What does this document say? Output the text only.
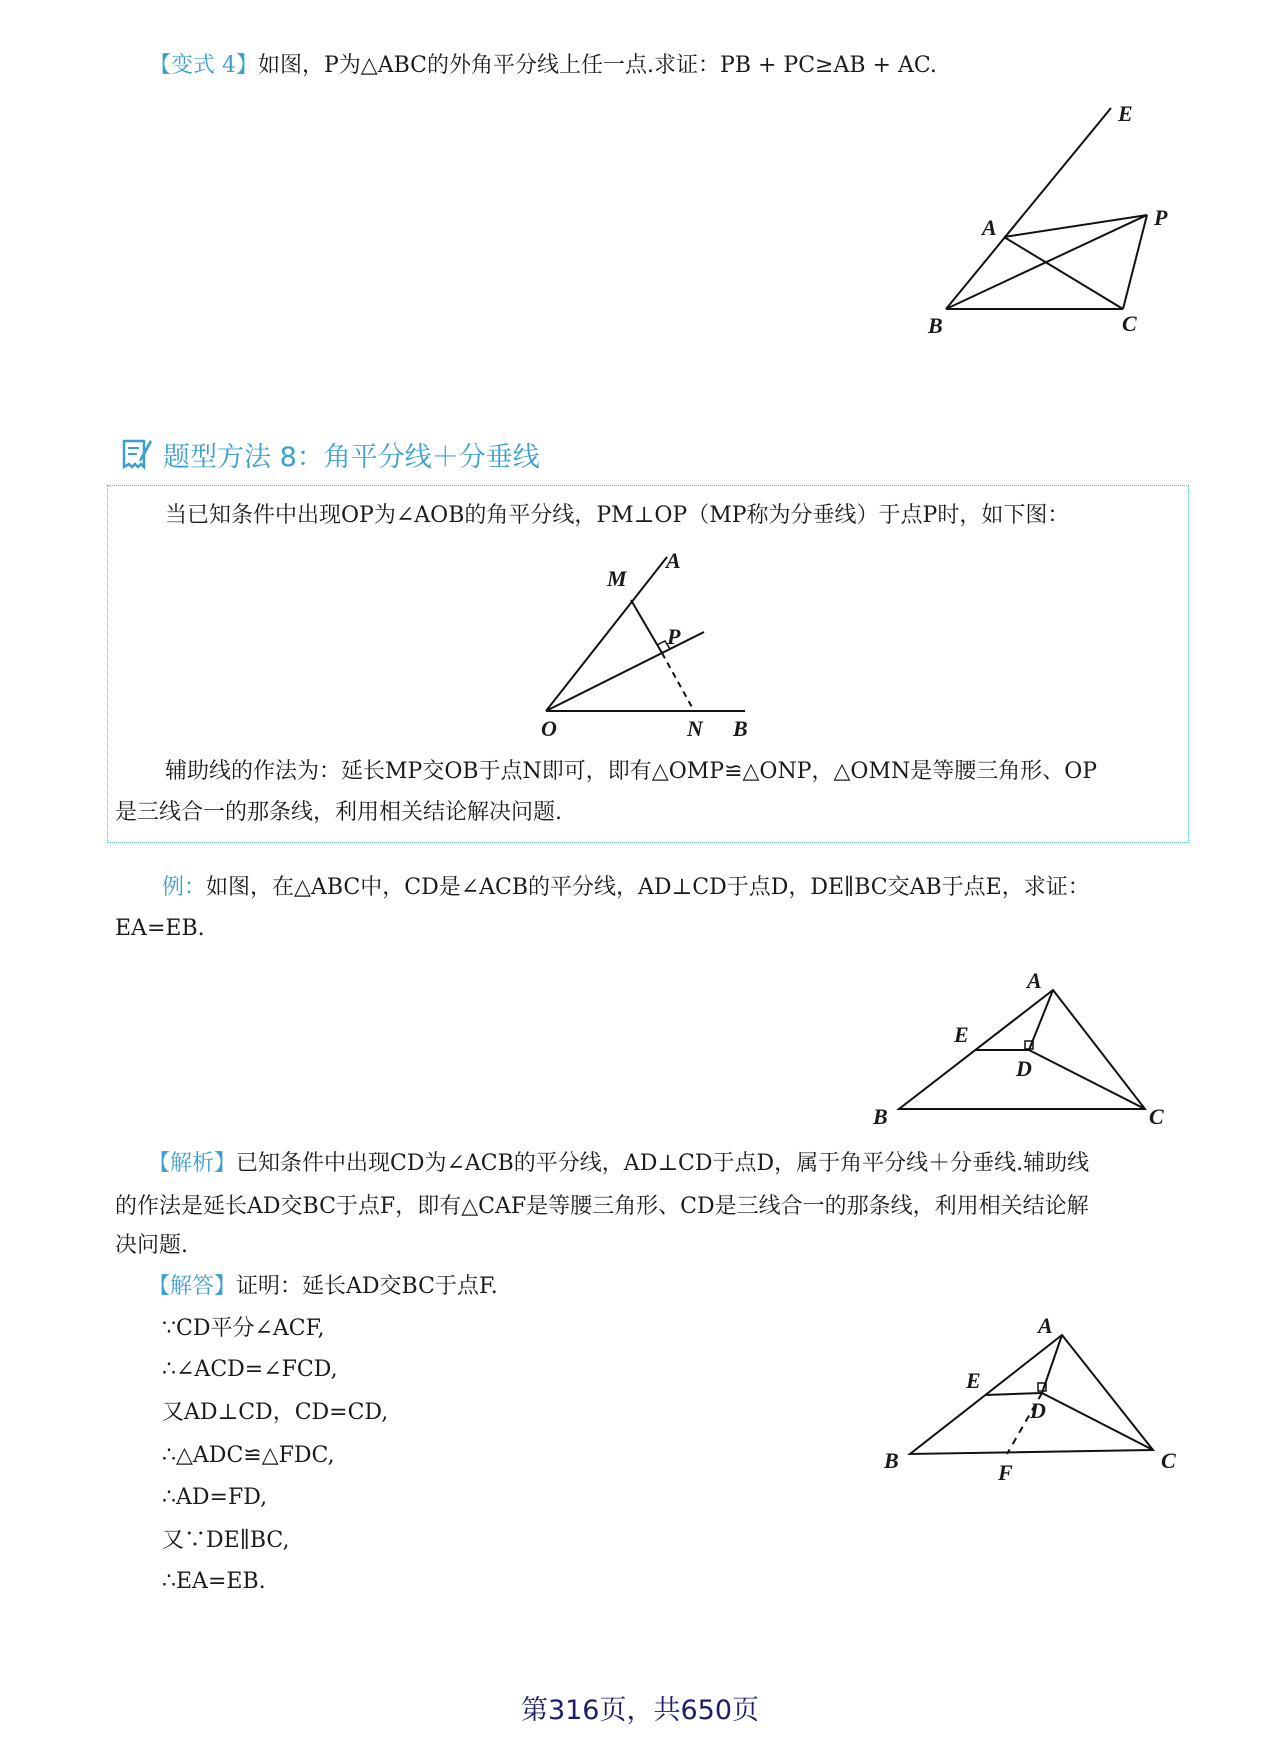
【变式 4】如图，P为△ABC的外角平分线上任一点.求证：PB + PC≥AB + AC.
E
A	P
B	C
题型方法 8：角平分线＋分垂线
当已知条件中出现OP为∠AOB的角平分线，PM⊥OP（MP称为分垂线）于点P时，如下图：
M
A
P
O	N B
辅助线的作法为：延长MP交OB于点N即可，即有△OMP≌△ONP，△OMN是等腰三角形、OP
是三线合一的那条线，利用相关结论解决问题.
例：如图，在△ABC中，CD是∠ACB的平分线，AD⊥CD于点D，DE∥BC交AB于点E，求证：
EA=EB.
A
E
D
B	C
【解析】已知条件中出现CD为∠ACB的平分线，AD⊥CD于点D，属于角平分线＋分垂线.辅助线
的作法是延长AD交BC于点F，即有△CAF是等腰三角形、CD是三线合一的那条线，利用相关结论解
决问题.
【解答】证明：延长AD交BC于点F.
∵CD平分∠ACF,
∴∠ACD=∠FCD,
又AD⊥CD，CD=CD,
∴△ADC≌△FDC,
∴AD=FD,
又∵DE∥BC,
∴EA=EB.
A
E
D
B	F	C
第316页，共650页
